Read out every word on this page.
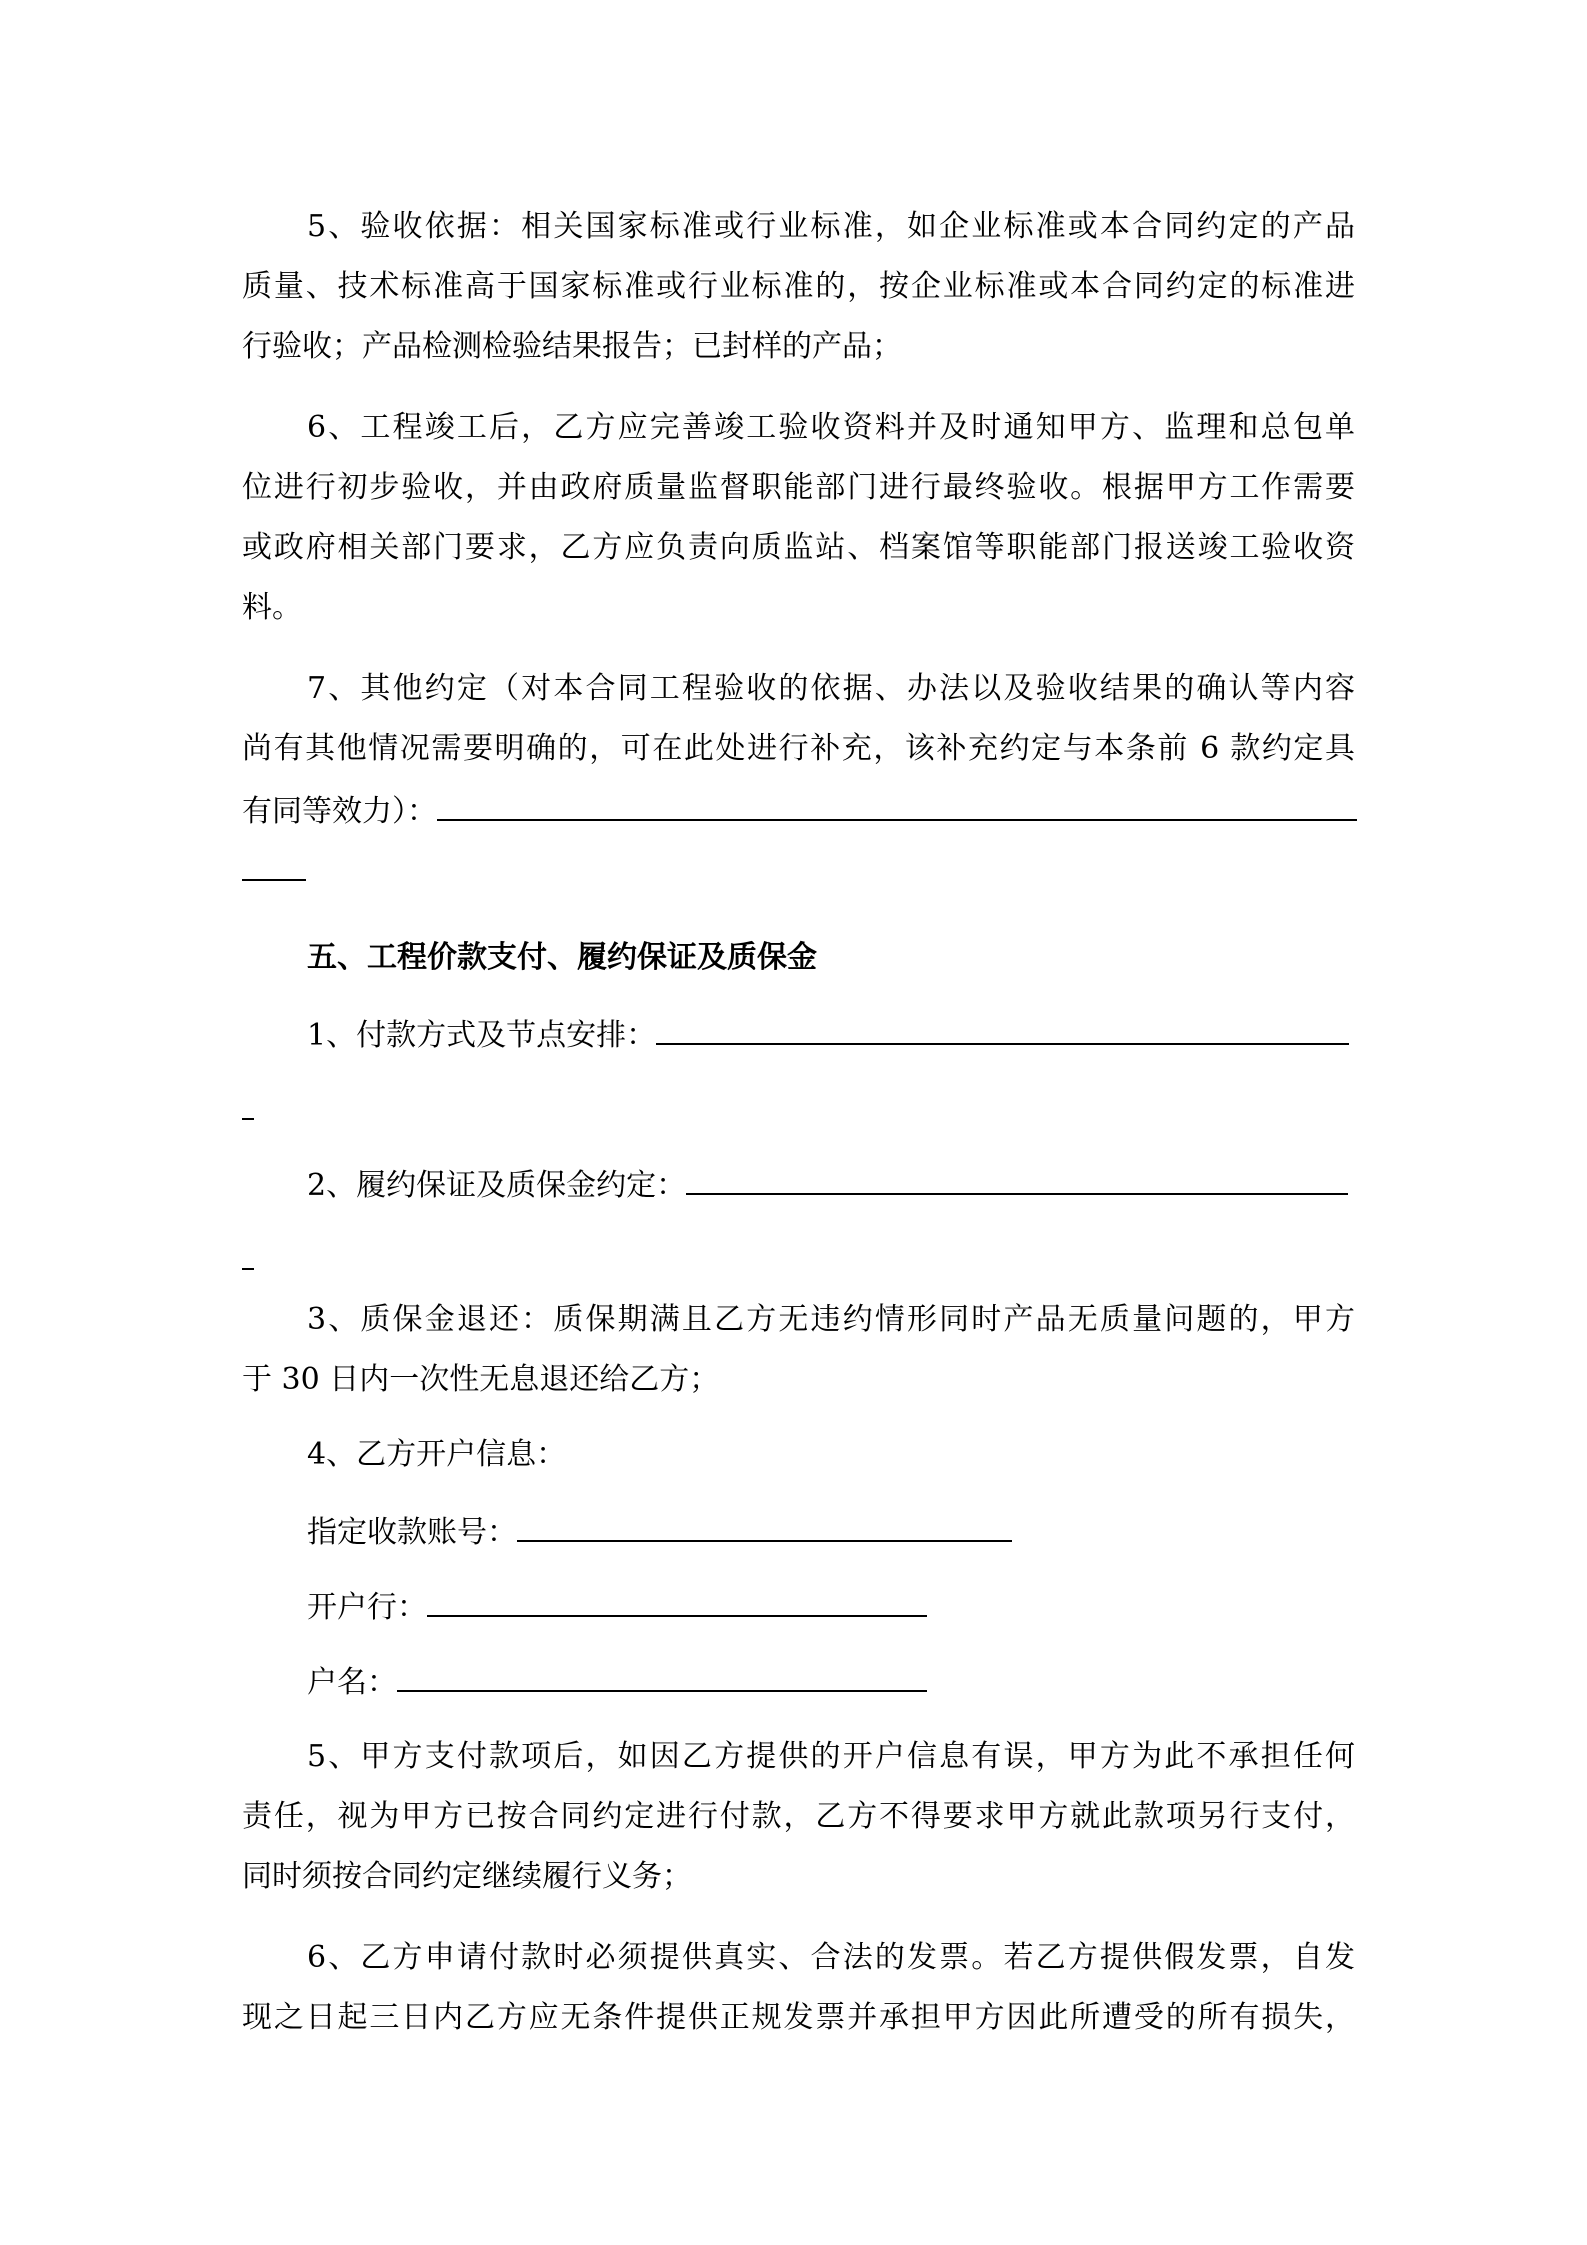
5、验收依据：相关国家标准或行业标准，如企业标准或本合同约定的产品
质量、技术标准高于国家标准或行业标准的，按企业标准或本合同约定的标准进
行验收；产品检测检验结果报告；已封样的产品；
6、工程竣工后，乙方应完善竣工验收资料并及时通知甲方、监理和总包单
位进行初步验收，并由政府质量监督职能部门进行最终验收。根据甲方工作需要
或政府相关部门要求，乙方应负责向质监站、档案馆等职能部门报送竣工验收资
料。
7、其他约定（对本合同工程验收的依据、办法以及验收结果的确认等内容
尚有其他情况需要明确的，可在此处进行补充，该补充约定与本条前 6 款约定具
有同等效力）：
五、工程价款支付、履约保证及质保金
1、付款方式及节点安排：
2、履约保证及质保金约定：
3、质保金退还：质保期满且乙方无违约情形同时产品无质量问题的，甲方
于 30 日内一次性无息退还给乙方；
4、乙方开户信息：
指定收款账号：
开户行：
户名：
5、甲方支付款项后，如因乙方提供的开户信息有误，甲方为此不承担任何
责任，视为甲方已按合同约定进行付款，乙方不得要求甲方就此款项另行支付，
同时须按合同约定继续履行义务；
6、乙方申请付款时必须提供真实、合法的发票。若乙方提供假发票，自发
现之日起三日内乙方应无条件提供正规发票并承担甲方因此所遭受的所有损失，
